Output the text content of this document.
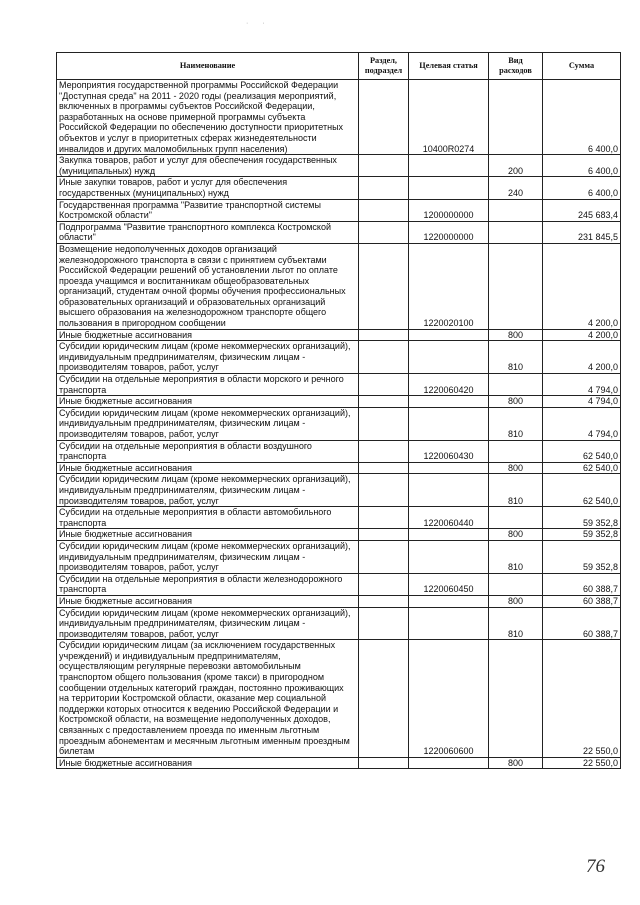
· ·
Наименование	Раздел, подраздел	Целевая статья	Вид расходов	Сумма
Мероприятия государственной программы Российской Федерации "Доступная среда" на 2011 - 2020 годы (реализация мероприятий, включенных в программы субъектов Российской Федерации, разработанных на основе примерной программы субъекта Российской Федерации по обеспечению доступности приоритетных объектов и услуг в приоритетных сферах жизнедеятельности инвалидов и других маломобильных групп населения)		10400R0274		6 400,0
Закупка товаров, работ и услуг для обеспечения государственных (муниципальных) нужд			200	6 400,0
Иные закупки товаров, работ и услуг для обеспечения государственных (муниципальных) нужд			240	6 400,0
Государственная программа "Развитие транспортной системы Костромской области"		1200000000		245 683,4
Подпрограмма "Развитие транспортного комплекса Костромской области"		1220000000		231 845,5
Возмещение недополученных доходов организаций железнодорожного транспорта в связи с принятием субъектами Российской Федерации решений об установлении льгот по оплате проезда учащимся и воспитанникам общеобразовательных организаций, студентам очной формы обучения профессиональных образовательных организаций и образовательных организаций высшего образования на железнодорожном транспорте общего пользования в пригородном сообщении		1220020100		4 200,0
Иные бюджетные ассигнования			800	4 200,0
Субсидии юридическим лицам (кроме некоммерческих организаций), индивидуальным предпринимателям, физическим лицам - производителям товаров, работ, услуг			810	4 200,0
Субсидии на отдельные мероприятия в области морского и речного транспорта		1220060420		4 794,0
Иные бюджетные ассигнования			800	4 794,0
Субсидии юридическим лицам (кроме некоммерческих организаций), индивидуальным предпринимателям, физическим лицам - производителям товаров, работ, услуг			810	4 794,0
Субсидии на отдельные мероприятия в области воздушного транспорта		1220060430		62 540,0
Иные бюджетные ассигнования			800	62 540,0
Субсидии юридическим лицам (кроме некоммерческих организаций), индивидуальным предпринимателям, физическим лицам - производителям товаров, работ, услуг			810	62 540,0
Субсидии на отдельные мероприятия в области автомобильного транспорта		1220060440		59 352,8
Иные бюджетные ассигнования			800	59 352,8
Субсидии юридическим лицам (кроме некоммерческих организаций), индивидуальным предпринимателям, физическим лицам - производителям товаров, работ, услуг			810	59 352,8
Субсидии на отдельные мероприятия в области железнодорожного транспорта		1220060450		60 388,7
Иные бюджетные ассигнования			800	60 388,7
Субсидии юридическим лицам (кроме некоммерческих организаций), индивидуальным предпринимателям, физическим лицам - производителям товаров, работ, услуг			810	60 388,7
Субсидии юридическим лицам (за исключением государственных учреждений) и индивидуальным предпринимателям, осуществляющим регулярные перевозки автомобильным транспортом общего пользования (кроме такси) в пригородном сообщении отдельных категорий граждан, постоянно проживающих на территории Костромской области, оказание мер социальной поддержки которых относится к ведению Российской Федерации и Костромской области, на возмещение недополученных доходов, связанных с предоставлением проезда по именным льготным проездным абонементам и месячным льготным именным проездным билетам		1220060600		22 550,0
Иные бюджетные ассигнования			800	22 550,0
76
